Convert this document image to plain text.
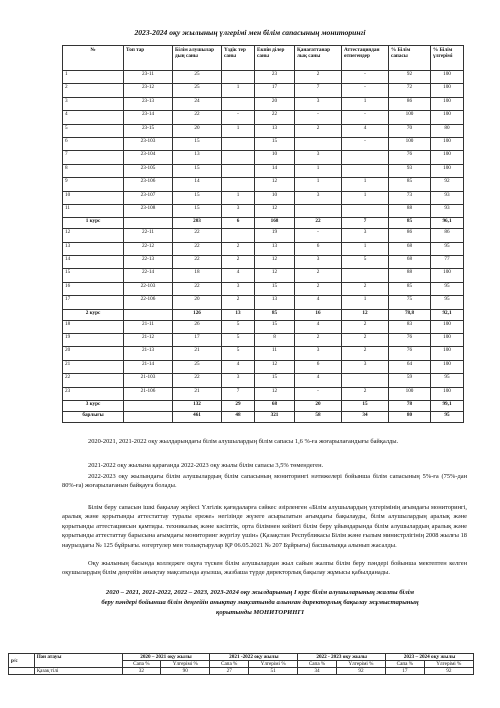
2023-2024 оқу жылының үлгерімі мен білім сапасының мониторингі
№	Топ тар	Білім алушылар дың саны	Үздік тер саны	Екпін ділер саны	Қанағаттанар лық саны	Аттестациядан өтпегендер	% Білім сапасы	% Білім үлгерімі
1	23-11	25		23	2	-	92	100
2	23-12	25	1	17	7	-	72	100
3	23-13	24		20	3	1	86	100
4	23-14	22	-	22	-	-	100	100
5	23-15	20	1	13	2	4	70	80
6	23-103	15		15		-	100	100
7	23-104	13		10	3		76	100
8	23-105	15		14	1		93	100
9	23-106	14		12	1	1	85	92
10	23-107	15	1	10	3	1	73	93
11	23-108	15	3	12			88	93
1 курс		203	6	168	22	7	85	96,1
12	22-11	22		19	-	3	86	86
13	22-12	22	2	13	6	1	68	95
14	22-13	22	2	12	3	5	68	77
15	22-14	18	4	12	2		88	100
16	22-103	22	3	15	2	2	85	95
17	22-106	20	2	13	4	1	75	95
2 курс		126	13	85	16	12	78,8	92,1
18	21-11	26	5	15	4	2	83	100
19	21-12	17	5	8	2	2	76	100
20	21-13	21	5	11	3	2	76	100
21	21-14	25	4	12	6	3	64	100
22	21-103	22	3	15	4		59	95
23	21-106	21	7	12	-	2	100	100
3 курс		132	29	68	20	15	78	99,1
барлығы		461	48	321	58	34	80	95

2020-2021, 2021-2022 оқу жылдарындағы білім алушылардың білім сапасы 1,6 %-ға жоғарылағандығы байқалды.

2021-2022 оқу жылына қарағанда 2022-2023 оқу жылы білім сапасы 3,5% төмендеген.

2022-2023 оқу жылындағы білім алушылардың білім сапасының мониторингі нәтижелері бойынша білім сапасының 5%-ға (75%-дан 80%-ға) жоғарылағанын байқауға болады.

Білім беру сапасын ішкі бақылау жүйесі Үлгілік қағидаларға сәйкес әзірленген «Білім алушылардың үлгерімінің ағымдағы мониторингі, аралық және қорытынды аттестаттау туралы ереже» негізінде жүзеге асырылатын ағымдағы бақылауды, білім алушылардың аралық және қорытынды аттестациясын қамтиды. техникалық және кәсіптік, орта білімнен кейінгі білім беру ұйымдарында білім алушылардың аралық және қорытынды аттестаттау барысына ағымдағы мониторинг жүргізу үшін» (Қазақстан Республикасы Білім және ғылым министрлігінің 2008 жылғы 18 наурыздағы № 125 бұйрығы. өзгертулер мен толықтырулар ҚР 06.05.2021 № 207 Бұйрығы) басшылыққа алынып жасалды.

Оқу жылының басында колледжге оқуға түскен білім алушылардан жыл сайын жалпы білім беру пәндері бойынша мектептен келген оқушылардың білім деңгейін анықтау мақсатында ауызша, жазбаша түрде директорлық бақылау жұмысы қабылданады.

2020 – 2021, 2021-2022, 2022 – 2023, 2023-2024 оқу жылдарының I курс білім алушыларының жалпы білім
беру пәндері бойынша білім деңгейін анықтау мақсатында алынған директорлық бақылау жұмыстарының
қорытынды МОНИТОРИНГІ
р/с	Пән атауы	2020 – 2021 оқу жылы		2021 -2022 оқу жылы		2022 - 2023 оқу жылы		2023 – 2024 оқу жылы	
		Сапа %	Үлгерімі %	Сапа %	Үлгерімі %	Сапа %	Үлгерімі %	Сапа %	Үлгерімі %
	Қазақ тілі	32	90	27	51	34	92	17	92
